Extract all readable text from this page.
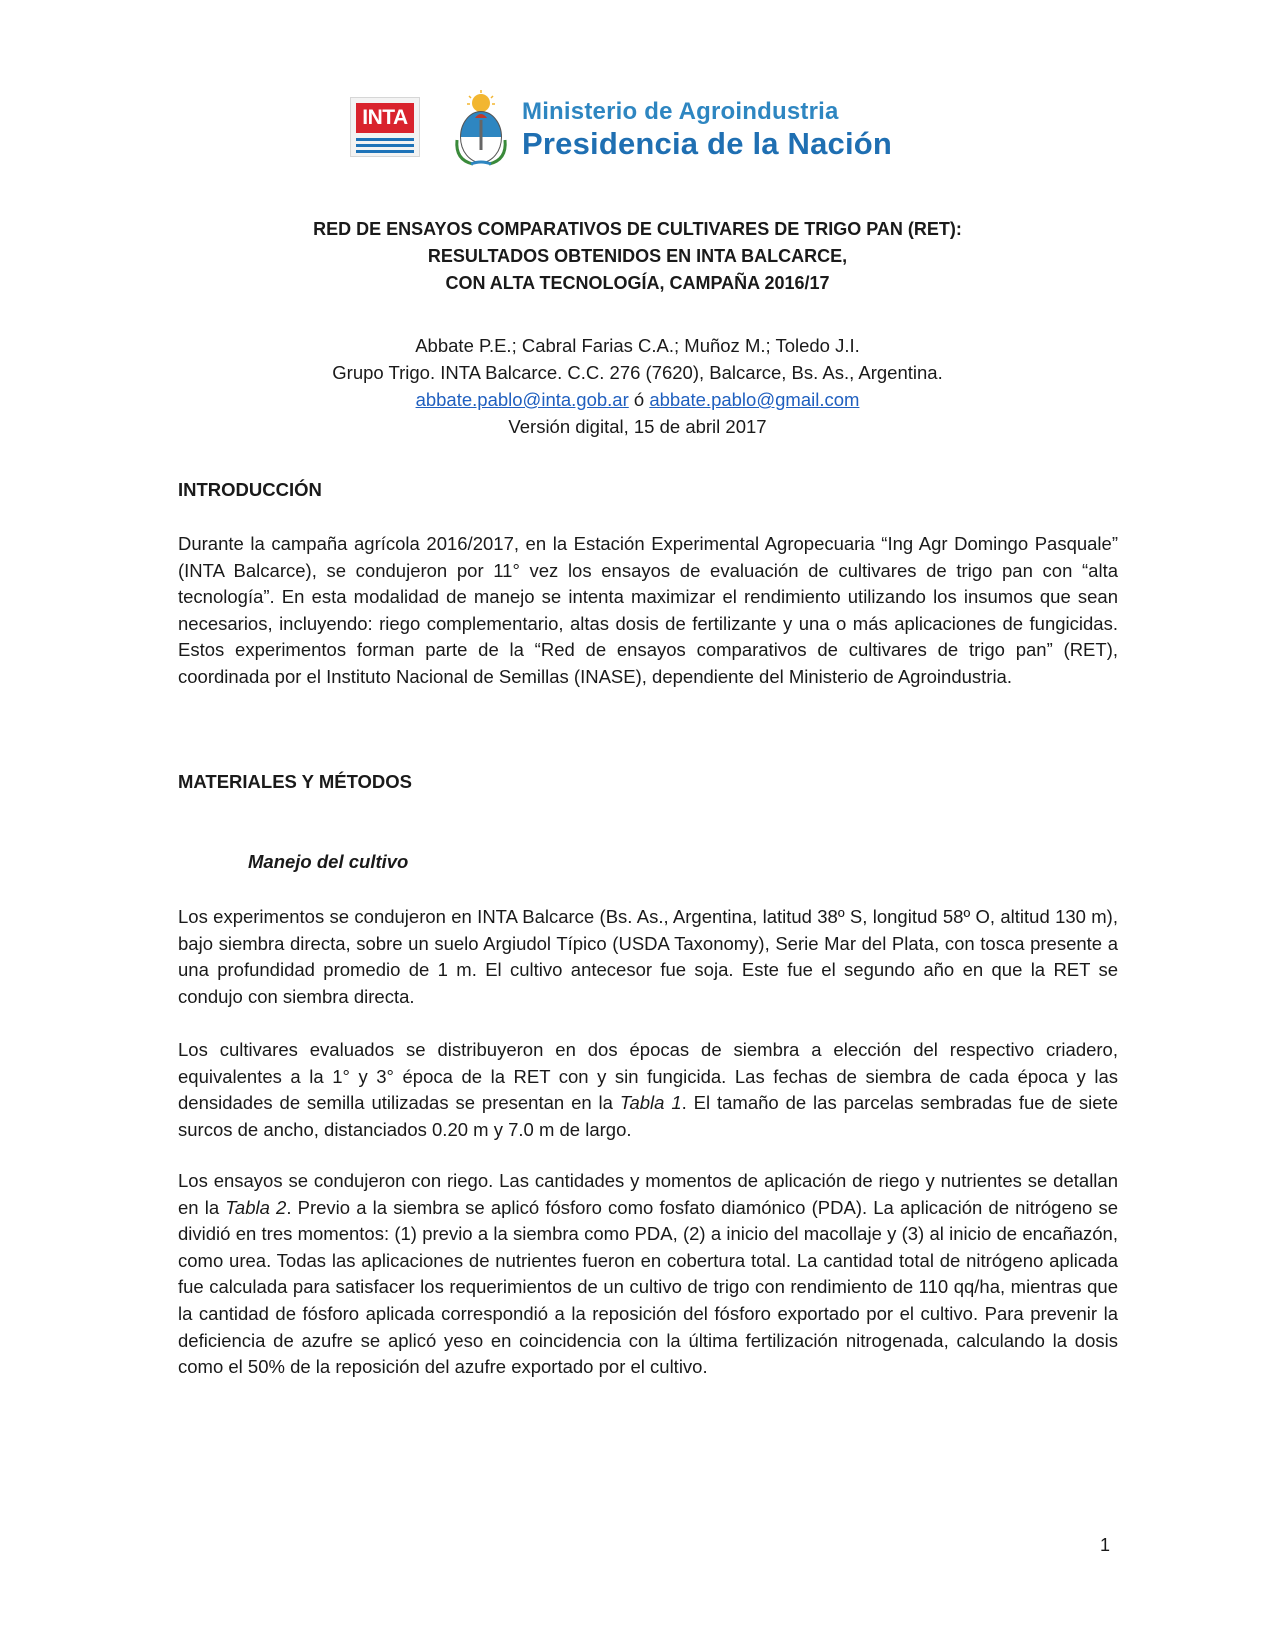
INTA	Ministerio de Agroindustria
Presidencia de la Nación
RED DE ENSAYOS COMPARATIVOS DE CULTIVARES DE TRIGO PAN (RET):
RESULTADOS OBTENIDOS EN INTA BALCARCE,
CON ALTA TECNOLOGÍA, CAMPAÑA 2016/17
Abbate P.E.; Cabral Farias C.A.; Muñoz M.; Toledo J.I.
Grupo Trigo. INTA Balcarce. C.C. 276 (7620), Balcarce, Bs. As., Argentina.
abbate.pablo@inta.gob.ar ó abbate.pablo@gmail.com
Versión digital, 15 de abril 2017
INTRODUCCIÓN
Durante la campaña agrícola 2016/2017, en la Estación Experimental Agropecuaria “Ing Agr Domingo Pasquale” (INTA Balcarce), se condujeron por 11° vez los ensayos de evaluación de cultivares de trigo pan con “alta tecnología”. En esta modalidad de manejo se intenta maximizar el rendimiento utilizando los insumos que sean necesarios, incluyendo: riego complementario, altas dosis de fertilizante y una o más aplicaciones de fungicidas. Estos experimentos forman parte de la “Red de ensayos comparativos de cultivares de trigo pan” (RET), coordinada por el Instituto Nacional de Semillas (INASE), dependiente del Ministerio de Agroindustria.
MATERIALES Y MÉTODOS
Manejo del cultivo
Los experimentos se condujeron en INTA Balcarce (Bs. As., Argentina, latitud 38º S, longitud 58º O, altitud 130 m), bajo siembra directa, sobre un suelo Argiudol Típico (USDA Taxonomy), Serie Mar del Plata, con tosca presente a una profundidad promedio de 1 m. El cultivo antecesor fue soja. Este fue el segundo año en que la RET se condujo con siembra directa.
Los cultivares evaluados se distribuyeron en dos épocas de siembra a elección del respectivo criadero, equivalentes a la 1° y 3° época de la RET con y sin fungicida. Las fechas de siembra de cada época y las densidades de semilla utilizadas se presentan en la Tabla 1. El tamaño de las parcelas sembradas fue de siete surcos de ancho, distanciados 0.20 m y 7.0 m de largo.
Los ensayos se condujeron con riego. Las cantidades y momentos de aplicación de riego y nutrientes se detallan en la Tabla 2. Previo a la siembra se aplicó fósforo como fosfato diamónico (PDA). La aplicación de nitrógeno se dividió en tres momentos: (1) previo a la siembra como PDA, (2) a inicio del macollaje y (3) al inicio de encañazón, como urea. Todas las aplicaciones de nutrientes fueron en cobertura total. La cantidad total de nitrógeno aplicada fue calculada para satisfacer los requerimientos de un cultivo de trigo con rendimiento de 110 qq/ha, mientras que la cantidad de fósforo aplicada correspondió a la reposición del fósforo exportado por el cultivo. Para prevenir la deficiencia de azufre se aplicó yeso en coincidencia con la última fertilización nitrogenada, calculando la dosis como el 50% de la reposición del azufre exportado por el cultivo.
1
